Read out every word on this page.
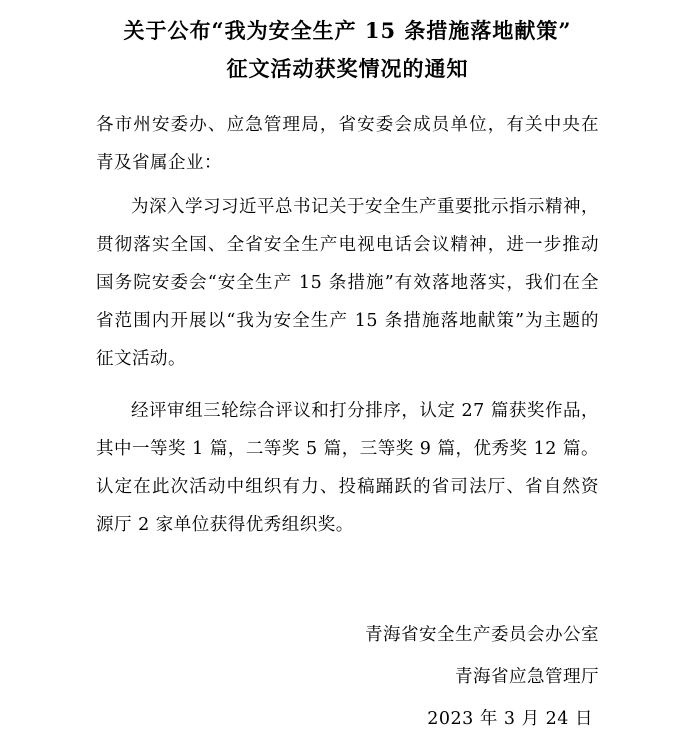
关于公布“我为安全生产 15 条措施落地献策”
征文活动获奖情况的通知

各市州安委办、应急管理局，省安委会成员单位，有关中央在青及省属企业：

为深入学习习近平总书记关于安全生产重要批示指示精神，贯彻落实全国、全省安全生产电视电话会议精神，进一步推动国务院安委会“安全生产 15 条措施”有效落地落实，我们在全省范围内开展以“我为安全生产 15 条措施落地献策”为主题的征文活动。

经评审组三轮综合评议和打分排序，认定 27 篇获奖作品，其中一等奖 1 篇，二等奖 5 篇，三等奖 9 篇，优秀奖 12 篇。认定在此次活动中组织有力、投稿踊跃的省司法厅、省自然资源厅 2 家单位获得优秀组织奖。

青海省安全生产委员会办公室
青海省应急管理厅
2023 年 3 月 24 日
